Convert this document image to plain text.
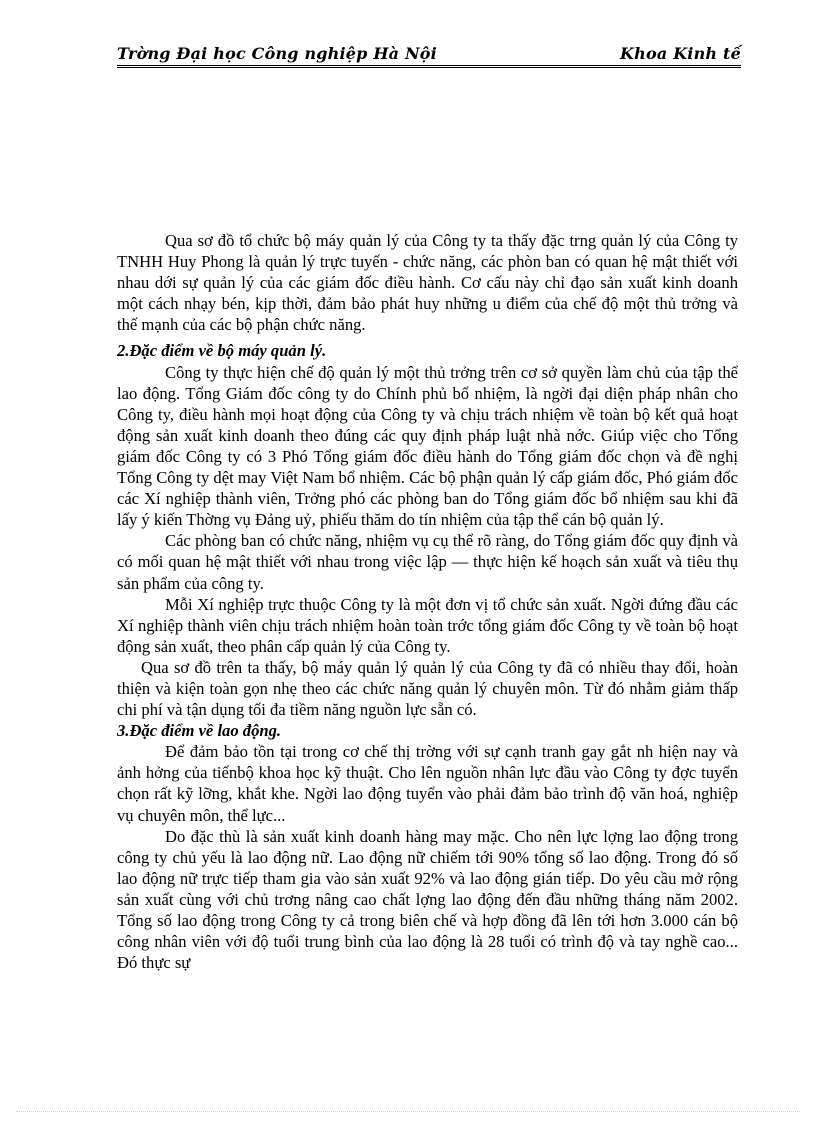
Trờng Đại học Công nghiệp Hà Nội	Khoa Kinh tế

Qua sơ đồ tổ chức bộ máy quản lý của Công ty ta thấy đặc trng quản lý của Công ty TNHH Huy Phong là quản lý trực tuyến - chức năng, các phòn ban có quan hệ mật thiết với nhau dới sự quản lý của các giám đốc điều hành. Cơ cấu này chỉ đạo sản xuất kinh doanh một cách nhạy bén, kịp thời, đảm bảo phát huy những u điểm của chế độ một thủ trởng và thế mạnh của các bộ phận chức năng.

2.Đặc điểm về bộ máy quản lý.

Công ty thực hiện chế độ quản lý một thủ trởng trên cơ sở quyền làm chủ của tập thể lao động. Tổng Giám đốc công ty do Chính phủ bổ nhiệm, là ngời đại diện pháp nhân cho Công ty, điều hành mọi hoạt động của Công ty và chịu trách nhiệm về toàn bộ kết quả hoạt động sản xuất kinh doanh theo đúng các quy định pháp luật nhà nớc. Giúp việc cho Tổng giám đốc Công ty có 3 Phó Tổng giám đốc điều hành do Tổng giám đốc chọn và đề nghị Tổng Công ty dệt may Việt Nam bổ nhiệm. Các bộ phận quản lý cấp giám đốc, Phó giám đốc các Xí nghiệp thành viên, Trởng phó các phòng ban do Tổng giám đốc bổ nhiệm sau khi đã lấy ý kiến Thờng vụ Đảng uỷ, phiếu thăm do tín nhiệm của tập thể cán bộ quản lý.

Các phòng ban có chức năng, nhiệm vụ cụ thể rõ ràng, do Tổng giám đốc quy định và có mối quan hệ mật thiết với nhau trong việc lập — thực hiện kế hoạch sản xuất và tiêu thụ sản phẩm của công ty.

Mỗi Xí nghiệp trực thuộc Công ty là một đơn vị tổ chức sản xuất. Ngời đứng đầu các Xí nghiệp thành viên chịu trách nhiệm hoàn toàn trớc tổng giám đốc Công ty về toàn bộ hoạt động sản xuất, theo phân cấp quản lý của Công ty.

Qua sơ đồ trên ta thấy, bộ máy quản lý quản lý của Công ty đã có nhiều thay đổi, hoàn thiện và kiện toàn gọn nhẹ theo các chức năng quản lý chuyên môn. Từ đó nhằm giảm thấp chi phí và tận dụng tối đa tiềm năng nguồn lực sẵn có.

3.Đặc điểm về lao động.

Để đảm bảo tồn tại trong cơ chế thị trờng với sự cạnh tranh gay gắt nh hiện nay và ảnh hởng của tiếnbộ khoa học kỹ thuật. Cho lên nguồn nhân lực đầu vào Công ty đợc tuyển chọn rất kỹ lỡng, khắt khe. Ngời lao động tuyển vào phải đảm bảo trình độ văn hoá, nghiệp vụ chuyên môn, thể lực...

Do đặc thù là sản xuất kinh doanh hàng may mặc. Cho nên lực lợng lao động trong công ty chủ yếu là lao động nữ. Lao động nữ chiếm tới 90% tổng số lao động. Trong đó số lao động nữ trực tiếp tham gia vào sản xuất 92% và lao động gián tiếp. Do yêu cầu mở rộng sản xuất cùng với chủ trơng nâng cao chất lợng lao động đến đầu những tháng năm 2002. Tổng số lao động trong Công ty cả trong biên chế và hợp đồng đã lên tới hơn 3.000 cán bộ công nhân viên với độ tuổi trung bình của lao động là 28 tuổi có trình độ và tay nghề cao... Đó thực sự
